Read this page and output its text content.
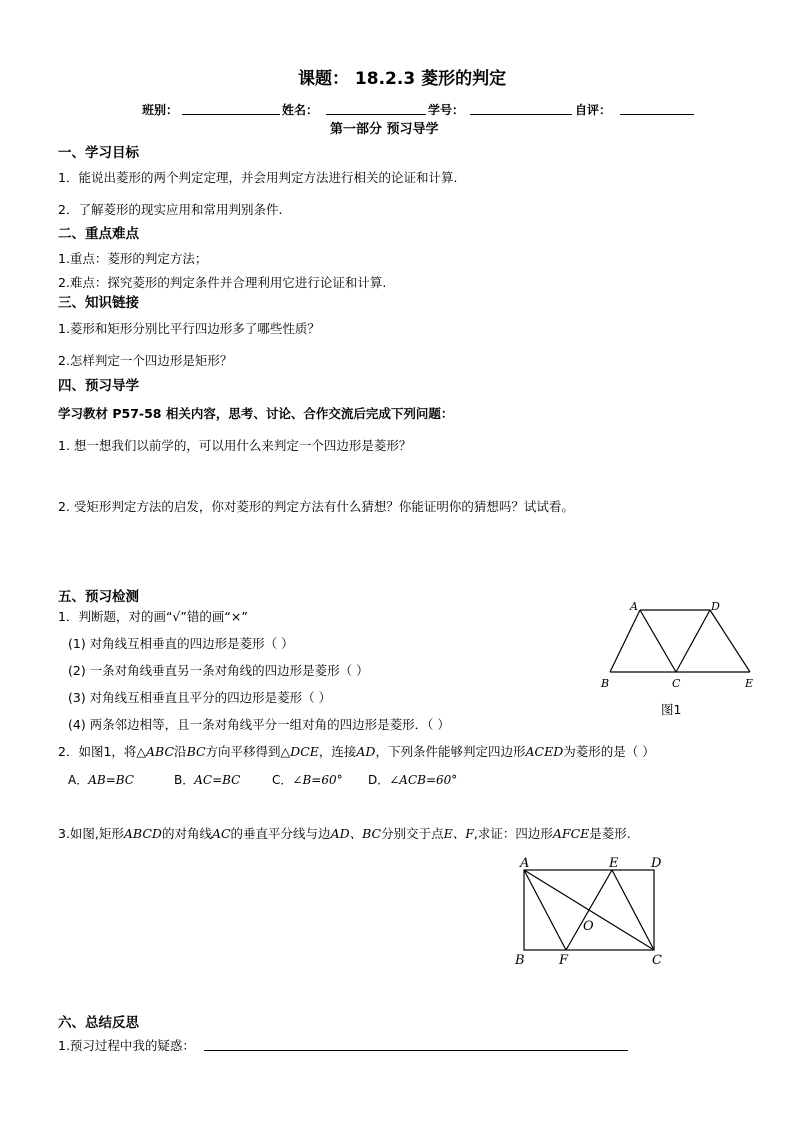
课题： 18.2.3 菱形的判定
班别：	姓名：	学号：	自评：
第一部分 预习导学
一、学习目标
1．能说出菱形的两个判定定理，并会用判定方法进行相关的论证和计算.
2．了解菱形的现实应用和常用判别条件.
二、重点难点
1.重点：菱形的判定方法；
2.难点：探究菱形的判定条件并合理利用它进行论证和计算.
三、知识链接
1.菱形和矩形分别比平行四边形多了哪些性质？
2.怎样判定一个四边形是矩形？
四、预习导学
学习教材 P57-58 相关内容，思考、讨论、合作交流后完成下列问题：
1. 想一想我们以前学的，可以用什么来判定一个四边形是菱形？
2. 受矩形判定方法的启发，你对菱形的判定方法有什么猜想？你能证明你的猜想吗？试试看。
五、预习检测
1．判断题，对的画“√”错的画“×”
(1) 对角线互相垂直的四边形是菱形（ ）
(2) 一条对角线垂直另一条对角线的四边形是菱形（ ）
(3) 对角线互相垂直且平分的四边形是菱形（ ）
(4) 两条邻边相等，且一条对角线平分一组对角的四边形是菱形．（ ）
A	D
B	C	E
图1
2．如图1，将△ABC沿BC方向平移得到△DCE，连接AD，下列条件能够判定四边形ACED为菱形的是（ ）
A．AB=BC	B．AC=BC	C．∠B=60° D．∠ACB=60°
3.如图,矩形ABCD的对角线AC的垂直平分线与边AD、BC分别交于点E、F,求证：四边形AFCE是菱形.
A	E	D
O
B	F	C
六、总结反思
1.预习过程中我的疑惑：
